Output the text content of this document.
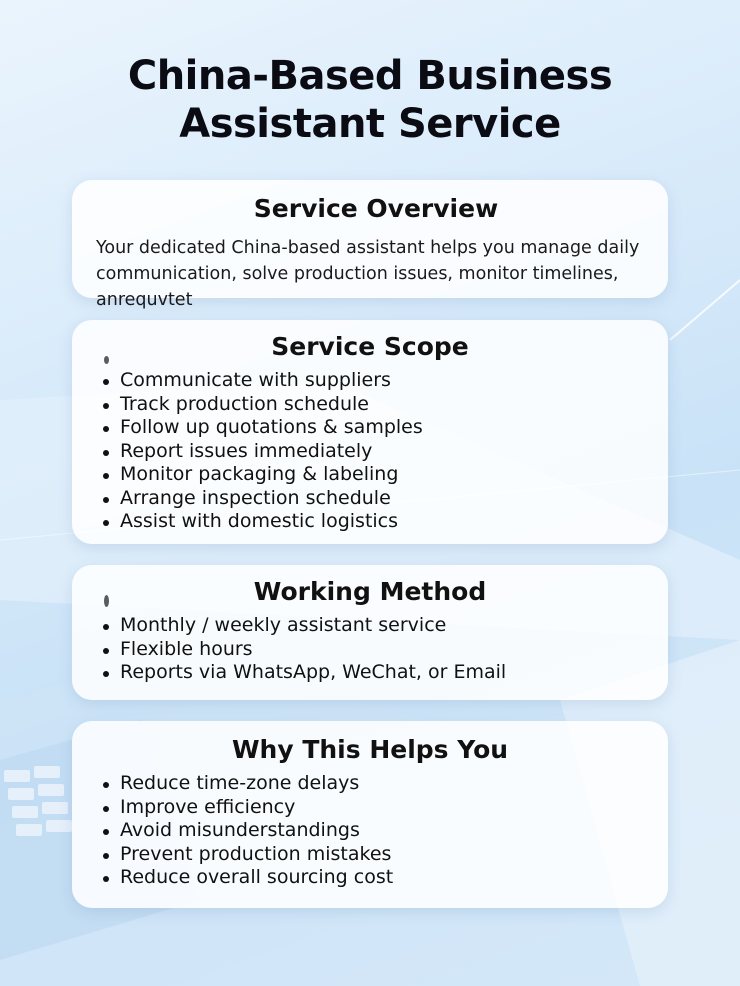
China-Based Business
Assistant Service
Service Overview

Your dedicated China-based assistant helps you manage daily
communication, solve production issues, monitor timelines, anrequvtet

Service Scope
Communicate with suppliers
Track production schedule
Follow up quotations & samples
Report issues immediately
Monitor packaging & labeling
Arrange inspection schedule
Assist with domestic logistics
Working Method
Monthly / weekly assistant service
Flexible hours
Reports via WhatsApp, WeChat, or Email
Why This Helps You
Reduce time-zone delays
Improve efficiency
Avoid misunderstandings
Prevent production mistakes
Reduce overall sourcing cost
